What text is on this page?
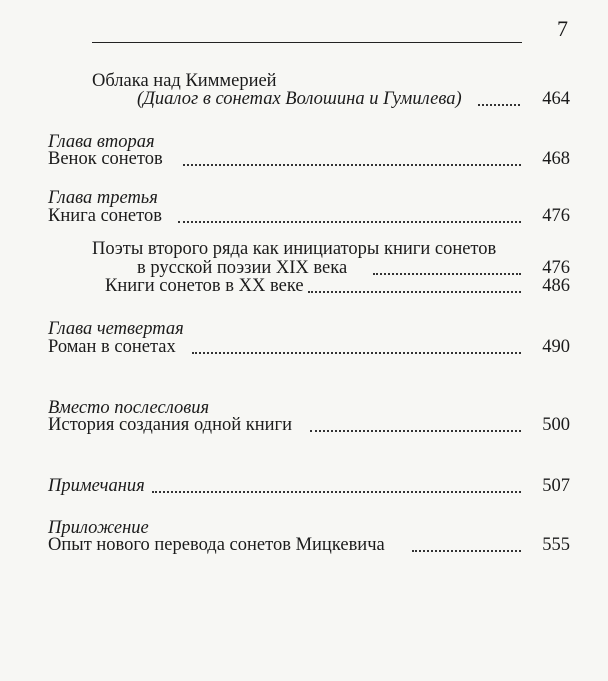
7
Облака над Киммерией
(Диалог в сонетах Волошина и Гумилева)	464
Глава вторая
Венок сонетов	468
Глава третья
Книга сонетов	476
Поэты второго ряда как инициаторы книги сонетов
в русской поэзии XIX века	476
Книги сонетов в XX веке	486
Глава четвертая
Роман в сонетах	490
Вместо послесловия
История создания одной книги	500
Примечания	507
Приложение
Опыт нового перевода сонетов Мицкевича	555
